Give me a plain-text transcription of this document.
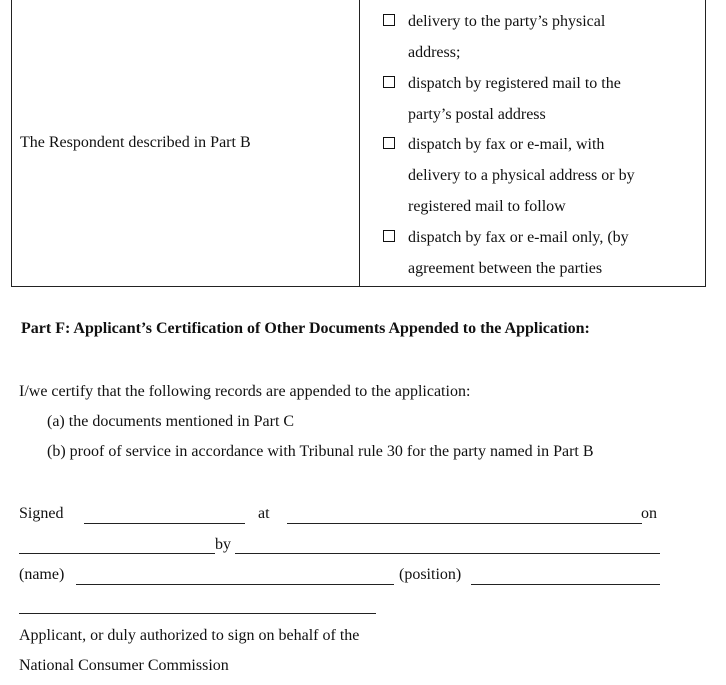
The Respondent described in Part B
delivery to the party’s physical
address;
dispatch by registered mail to the
party’s postal address
dispatch by fax or e-mail, with
delivery to a physical address or by
registered mail to follow
dispatch by fax or e-mail only, (by
agreement between the parties
Part F: Applicant’s Certification of Other Documents Appended to the Application:
I/we certify that the following records are appended to the application:
(a) the documents mentioned in Part C
(b) proof of service in accordance with Tribunal rule 30 for the party named in Part B
Signed	at	on
by
(name)	(position)
Applicant, or duly authorized to sign on behalf of the
National Consumer Commission
